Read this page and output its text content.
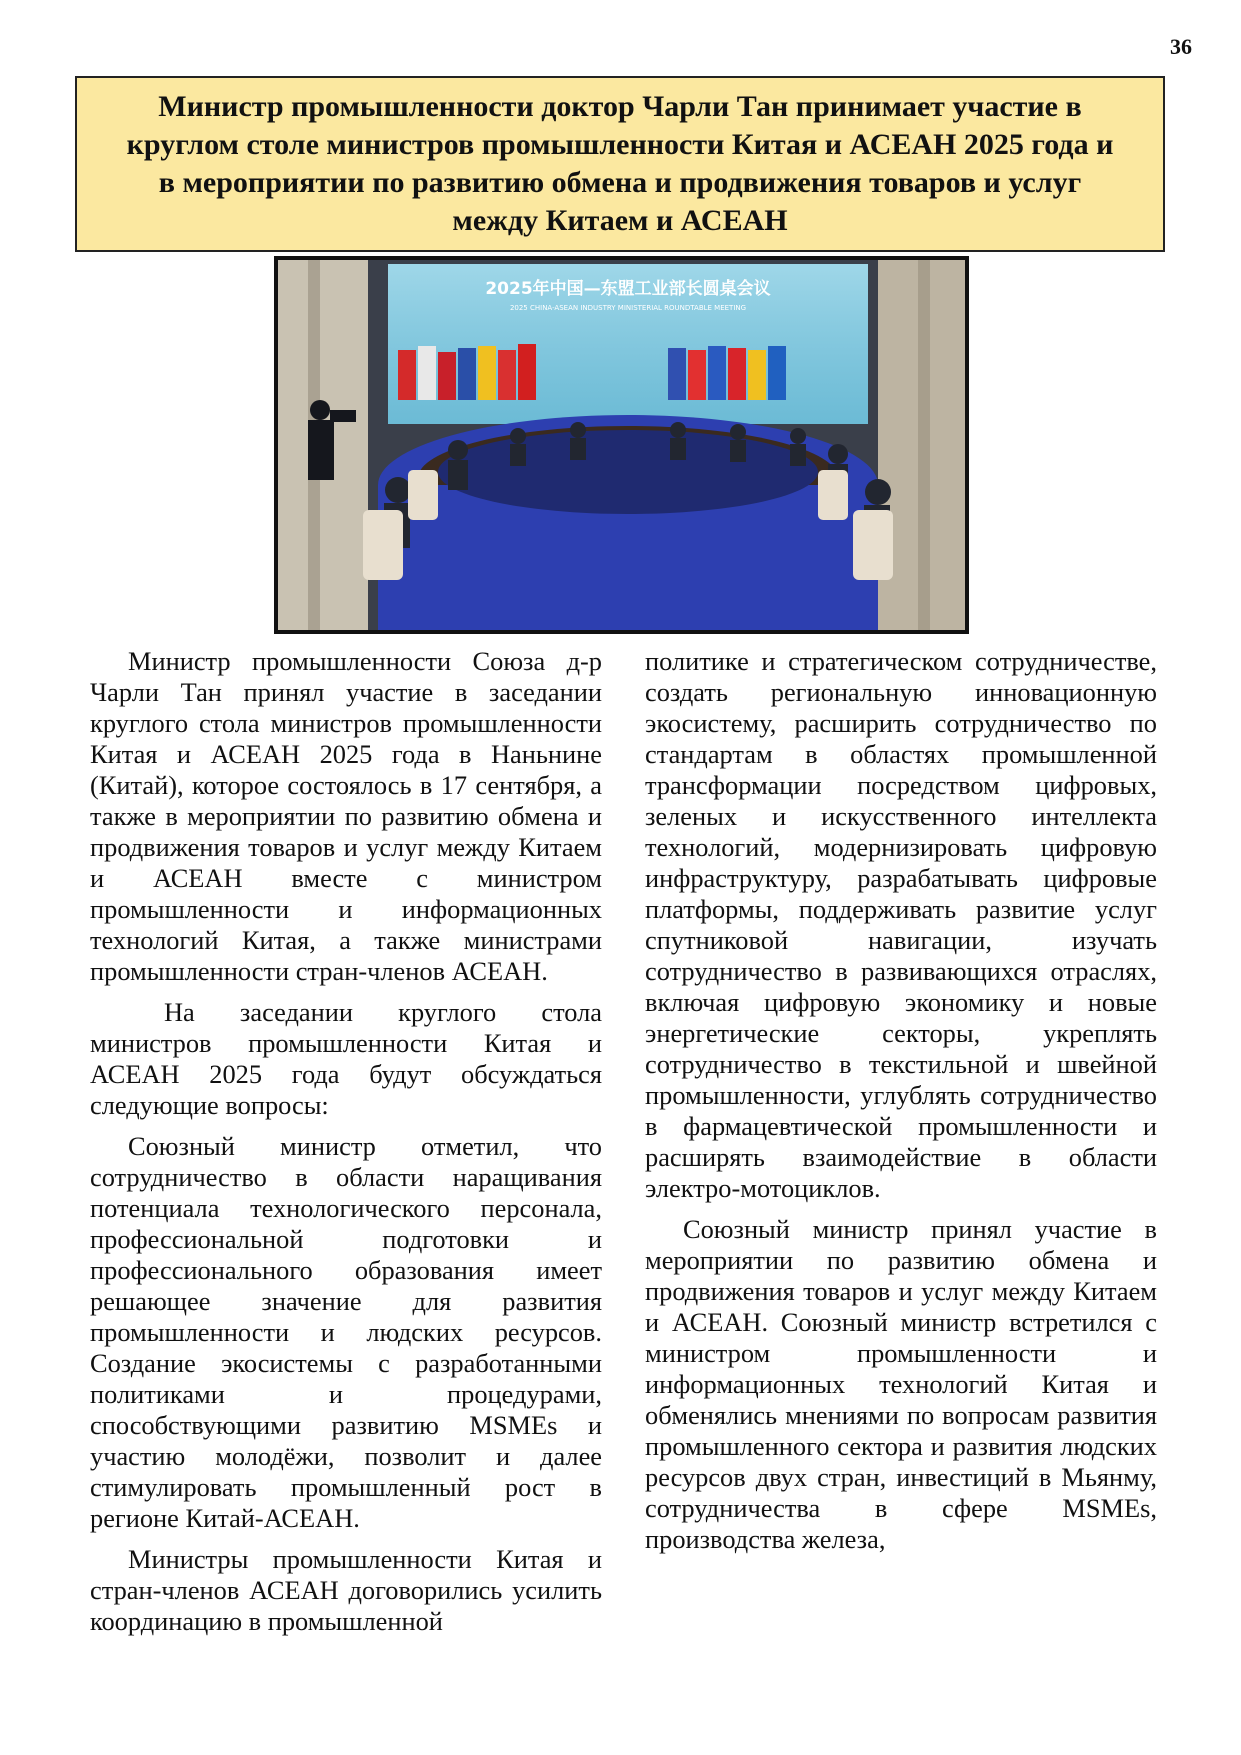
36
Министр промышленности доктор Чарли Тан принимает участие в круглом столе министров промышленности Китая и АСЕАН 2025 года и в мероприятии по развитию обмена и продвижения товаров и услуг между Китаем и АСЕАН
2025年中国—东盟工业部长圆桌会议
2025 CHINA-ASEAN INDUSTRY MINISTERIAL ROUNDTABLE MEETING

Министр промышленности Союза д-р Чарли Тан принял участие в заседании круглого стола министров промышленности Китая и АСЕАН 2025 года в Наньнине (Китай), которое состоялось в 17 сентября, а также в мероприятии по развитию обмена и продвижения товаров и услуг между Китаем и АСЕАН вместе с министром промышленности и информационных технологий Китая, а также министрами промышленности стран-членов АСЕАН.

На заседании круглого стола министров промышленности Китая и АСЕАН 2025 года будут обсуждаться следующие вопросы:

Союзный министр отметил, что сотрудничество в области наращивания потенциала технологического персонала, профессиональной подготовки и профессионального образования имеет решающее значение для развития промышленности и людских ресурсов. Создание экосистемы с разработанными политиками и процедурами, способствующими развитию MSMEs и участию молодёжи, позволит и далее стимулировать промышленный рост в регионе Китай-АСЕАН.

Министры промышленности Китая и стран-членов АСЕАН договорились усилить координацию в промышленной

политике и стратегическом сотрудничестве, создать региональную инновационную экосистему, расширить сотрудничество по стандартам в областях промышленной трансформации посредством цифровых, зеленых и искусственного интеллекта технологий, модернизировать цифровую инфраструктуру, разрабатывать цифровые платформы, поддерживать развитие услуг спутниковой навигации, изучать сотрудничество в развивающихся отраслях, включая цифровую экономику и новые энергетические секторы, укреплять сотрудничество в текстильной и швейной промышленности, углублять сотрудничество в фармацевтической промышленности и расширять взаимодействие в области электро-мотоциклов.

Союзный министр принял участие в мероприятии по развитию обмена и продвижения товаров и услуг между Китаем и АСЕАН. Союзный министр встретился с министром промышленности и информационных технологий Китая и обменялись мнениями по вопросам развития промышленного сектора и развития людских ресурсов двух стран, инвестиций в Мьянму, сотрудничества в сфере MSMEs, производства железа,
